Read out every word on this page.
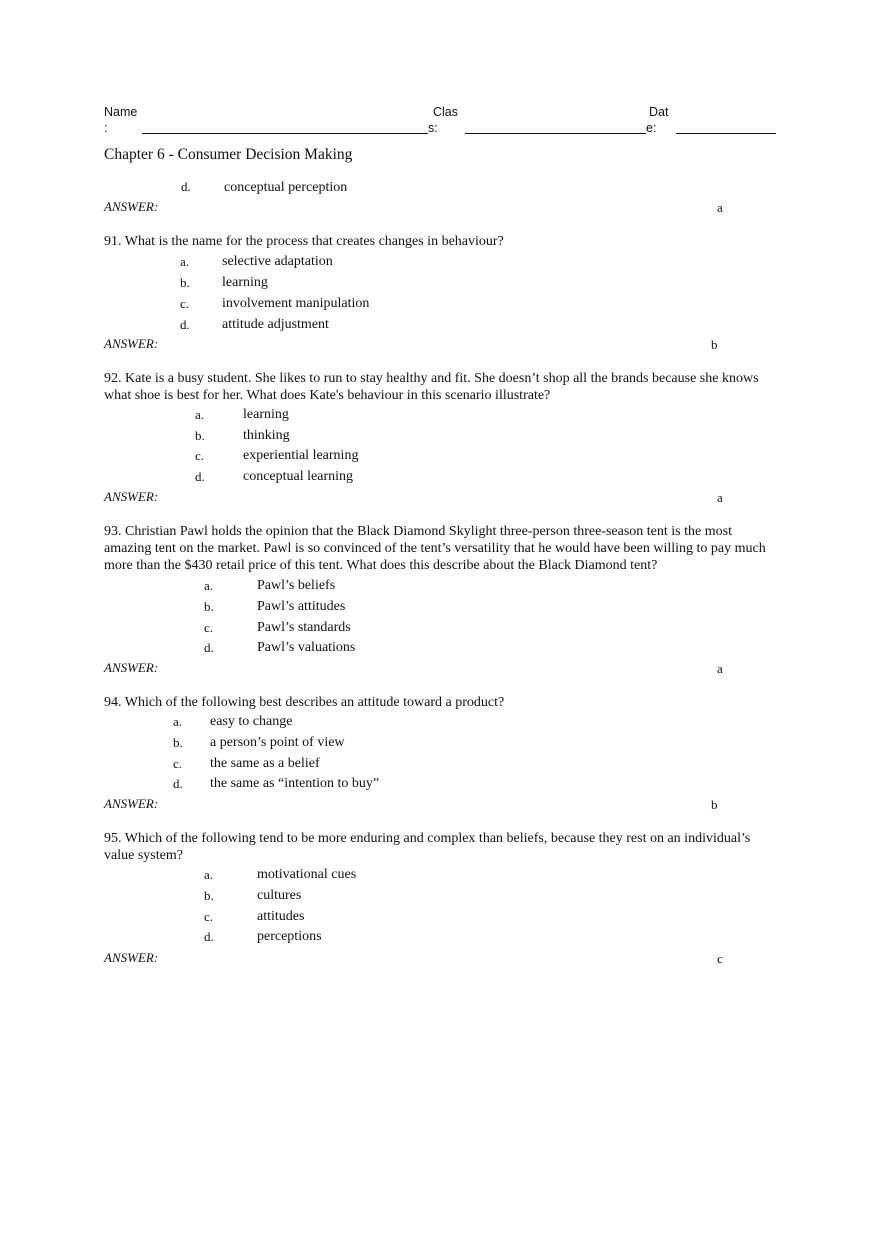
Name
:
Clas
s:
Dat
e:
Chapter 6 - Consumer Decision Making
d. conceptual perception
ANSWER:	a
91. What is the name for the process that creates changes in behaviour?
a. selective adaptation
b. learning
c. involvement manipulation
d. attitude adjustment
ANSWER:	b
92. Kate is a busy student. She likes to run to stay healthy and fit. She doesn’t shop all the brands because she knows what shoe is best for her. What does Kate's behaviour in this scenario illustrate?
a.	learning
b.	thinking
c.	experiential learning
d.	conceptual learning
ANSWER:	a
93. Christian Pawl holds the opinion that the Black Diamond Skylight three-person three-season tent is the most amazing tent on the market. Pawl is so convinced of the tent’s versatility that he would have been willing to pay much more than the $430 retail price of this tent. What does this describe about the Black Diamond tent?
a.	Pawl’s beliefs
b.	Pawl’s attitudes
c.	Pawl’s standards
d.	Pawl’s valuations
ANSWER:	a
94. Which of the following best describes an attitude toward a product?
a. easy to change
b. a person’s point of view
c. the same as a belief
d. the same as “intention to buy”
ANSWER:	b
95. Which of the following tend to be more enduring and complex than beliefs, because they rest on an individual’s value system?
a.	motivational cues
b.	cultures
c.	attitudes
d.	perceptions
ANSWER:	c
